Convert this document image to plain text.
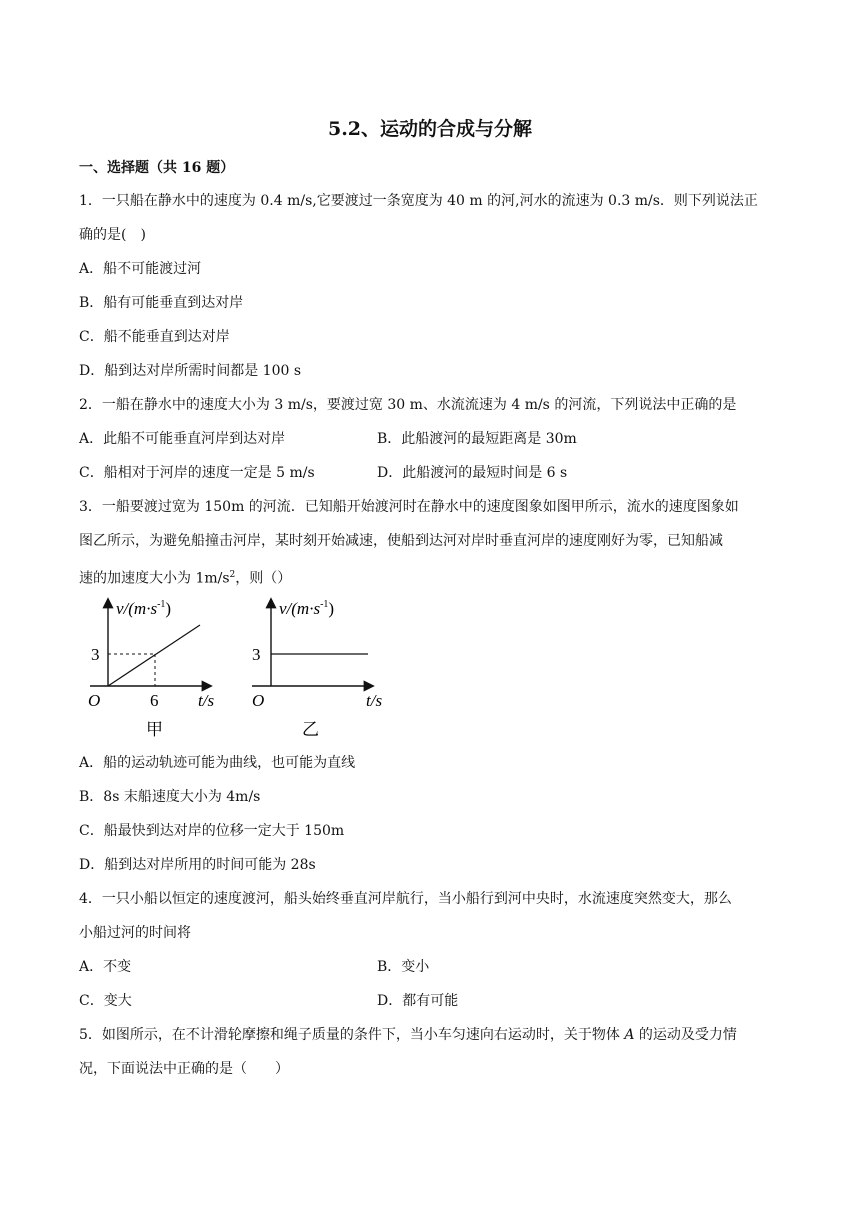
5.2、运动的合成与分解
一、选择题（共 16 题）
1．一只船在静水中的速度为 0.4 m/s,它要渡过一条宽度为 40 m 的河,河水的流速为 0.3 m/s．则下列说法正
确的是(　)
A．船不可能渡过河
B．船有可能垂直到达对岸
C．船不能垂直到达对岸
D．船到达对岸所需时间都是 100 s
2．一船在静水中的速度大小为 3 m/s，要渡过宽 30 m、水流流速为 4 m/s 的河流，下列说法中正确的是
A．此船不可能垂直河岸到达对岸	B．此船渡河的最短距离是 30m
C．船相对于河岸的速度一定是 5 m/s	D．此船渡河的最短时间是 6 s
3．一船要渡过宽为 150m 的河流．已知船开始渡河时在静水中的速度图象如图甲所示，流水的速度图象如
图乙所示，为避免船撞击河岸，某时刻开始减速，使船到达河对岸时垂直河岸的速度刚好为零，已知船减
速的加速度大小为 $1m/s^2$，则（）
$v/(m\cdot s^{-1})$
3
6
O	t/s
甲
$v/(m\cdot s^{-1})$
3
O	t/s
乙
A．船的运动轨迹可能为曲线，也可能为直线
B．8s 末船速度大小为 4m/s
C．船最快到达对岸的位移一定大于 150m
D．船到达对岸所用的时间可能为 28s
4．一只小船以恒定的速度渡河，船头始终垂直河岸航行，当小船行到河中央时，水流速度突然变大，那么
小船过河的时间将
A．不变	B．变小
C．变大	D．都有可能
5．如图所示，在不计滑轮摩擦和绳子质量的条件下，当小车匀速向右运动时，关于物体 A 的运动及受力情
况，下面说法中正确的是（　　）
